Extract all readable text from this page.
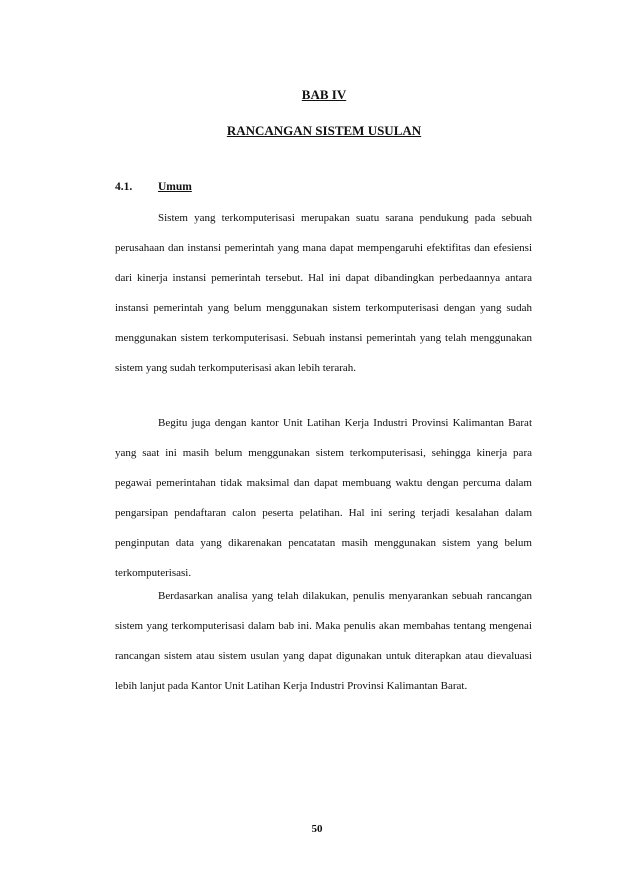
BAB IV
RANCANGAN SISTEM USULAN
4.1. Umum

Sistem yang terkomputerisasi merupakan suatu sarana pendukung pada sebuah perusahaan dan instansi pemerintah yang mana dapat mempengaruhi efektifitas dan efesiensi dari kinerja instansi pemerintah tersebut. Hal ini dapat dibandingkan perbedaannya antara instansi pemerintah yang belum menggunakan sistem terkomputerisasi dengan yang sudah menggunakan sistem terkomputerisasi. Sebuah instansi pemerintah yang telah menggunakan sistem yang sudah terkomputerisasi akan lebih terarah.

Begitu juga dengan kantor Unit Latihan Kerja Industri Provinsi Kalimantan Barat yang saat ini masih belum menggunakan sistem terkomputerisasi, sehingga kinerja para pegawai pemerintahan tidak maksimal dan dapat membuang waktu dengan percuma dalam pengarsipan pendaftaran calon peserta pelatihan. Hal ini sering terjadi kesalahan dalam penginputan data yang dikarenakan pencatatan masih menggunakan sistem yang belum terkomputerisasi.

Berdasarkan analisa yang telah dilakukan, penulis menyarankan sebuah rancangan sistem yang terkomputerisasi dalam bab ini. Maka penulis akan membahas tentang mengenai rancangan sistem atau sistem usulan yang dapat digunakan untuk diterapkan atau dievaluasi lebih lanjut pada Kantor Unit Latihan Kerja Industri Provinsi Kalimantan Barat.

50
